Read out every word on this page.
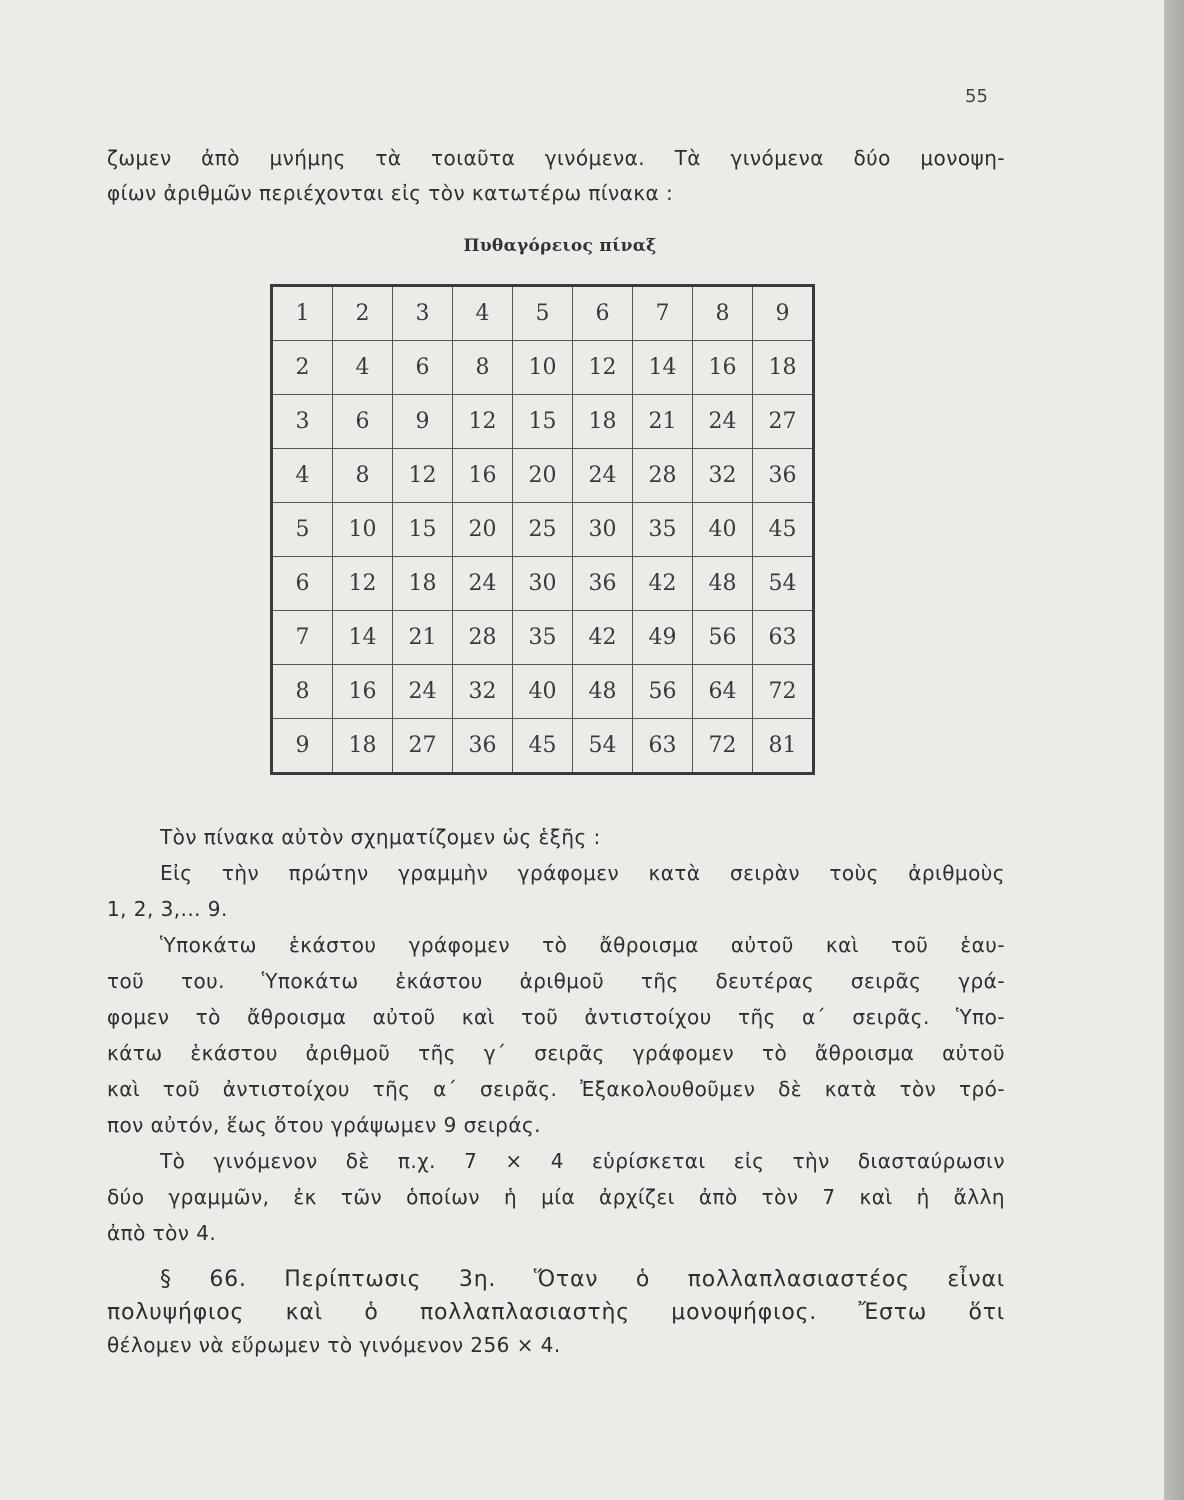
55
ζωμεν ἀπὸ μνήμης τὰ τοιαῦτα γινόμενα. Τὰ γινόμενα δύο μονοψη-
φίων ἀριθμῶν περιέχονται εἰς τὸν κατωτέρω πίνακα :
Πυθαγόρειος πίναξ
1	2	3	4	5	6	7	8	9
2	4	6	8	10	12	14	16	18
3	6	9	12	15	18	21	24	27
4	8	12	16	20	24	28	32	36
5	10	15	20	25	30	35	40	45
6	12	18	24	30	36	42	48	54
7	14	21	28	35	42	49	56	63
8	16	24	32	40	48	56	64	72
9	18	27	36	45	54	63	72	81
Τὸν πίνακα αὐτὸν σχηματίζομεν ὡς ἑξῆς :
Εἰς τὴν πρώτην γραμμὴν γράφομεν κατὰ σειρὰν τοὺς ἀριθμοὺς
1, 2, 3,... 9.
Ὑποκάτω ἑκάστου γράφομεν τὸ ἄθροισμα αὐτοῦ καὶ τοῦ ἑαυ-
τοῦ του. Ὑποκάτω ἑκάστου ἀριθμοῦ τῆς δευτέρας σειρᾶς γρά-
φομεν τὸ ἄθροισμα αὐτοῦ καὶ τοῦ ἀντιστοίχου τῆς α΄ σειρᾶς. Ὑπο-
κάτω ἑκάστου ἀριθμοῦ τῆς γ΄ σειρᾶς γράφομεν τὸ ἄθροισμα αὐτοῦ
καὶ τοῦ ἀντιστοίχου τῆς α΄ σειρᾶς. Ἐξακολουθοῦμεν δὲ κατὰ τὸν τρό-
πον αὐτόν, ἕως ὅτου γράψωμεν 9 σειράς.
Τὸ γινόμενον δὲ π.χ. 7 × 4 εὑρίσκεται εἰς τὴν διασταύρωσιν
δύο γραμμῶν, ἐκ τῶν ὁποίων ἡ μία ἀρχίζει ἀπὸ τὸν 7 καὶ ἡ ἄλλη
ἀπὸ τὸν 4.
§ 66. Περίπτωσις 3η. Ὅταν ὁ πολλαπλασιαστέος εἶναι
πολυψήφιος καὶ ὁ πολλαπλασιαστὴς μονοψήφιος. Ἔστω ὅτι
θέλομεν νὰ εὕρωμεν τὸ γινόμενον 256 × 4.
